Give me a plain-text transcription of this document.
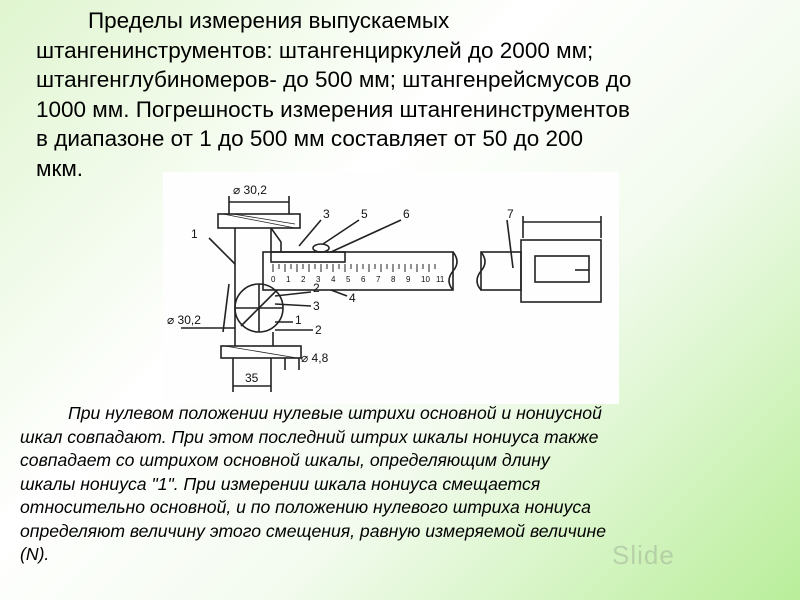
Пределы измерения выпускаемых
штангенинструментов: штангенциркулей до 2000 мм;
штангенглубиномеров- до 500 мм; штангенрейсмусов до
1000 мм. Погрешность измерения штангенинструментов
в диапазоне от 1 до 500 мм составляет от 50 до 200
мкм.
⌀ 30,2
⌀ 30,2
⌀ 4,8
35
1
3	5	6	7
2
3
4
1
2
0 1 2 3 4 5 6 7 8 9 10 11
При нулевом положении нулевые штрихи основной и нониусной
шкал совпадают. При этом последний штрих шкалы нониуса также
совпадает со штрихом основной шкалы, определяющим длину
шкалы нониуса "1". При измерении шкала нониуса смещается
относительно основной, и по положению нулевого штриха нониуса
определяют величину этого смещения, равную измеряемой величине
(N).	Slide
